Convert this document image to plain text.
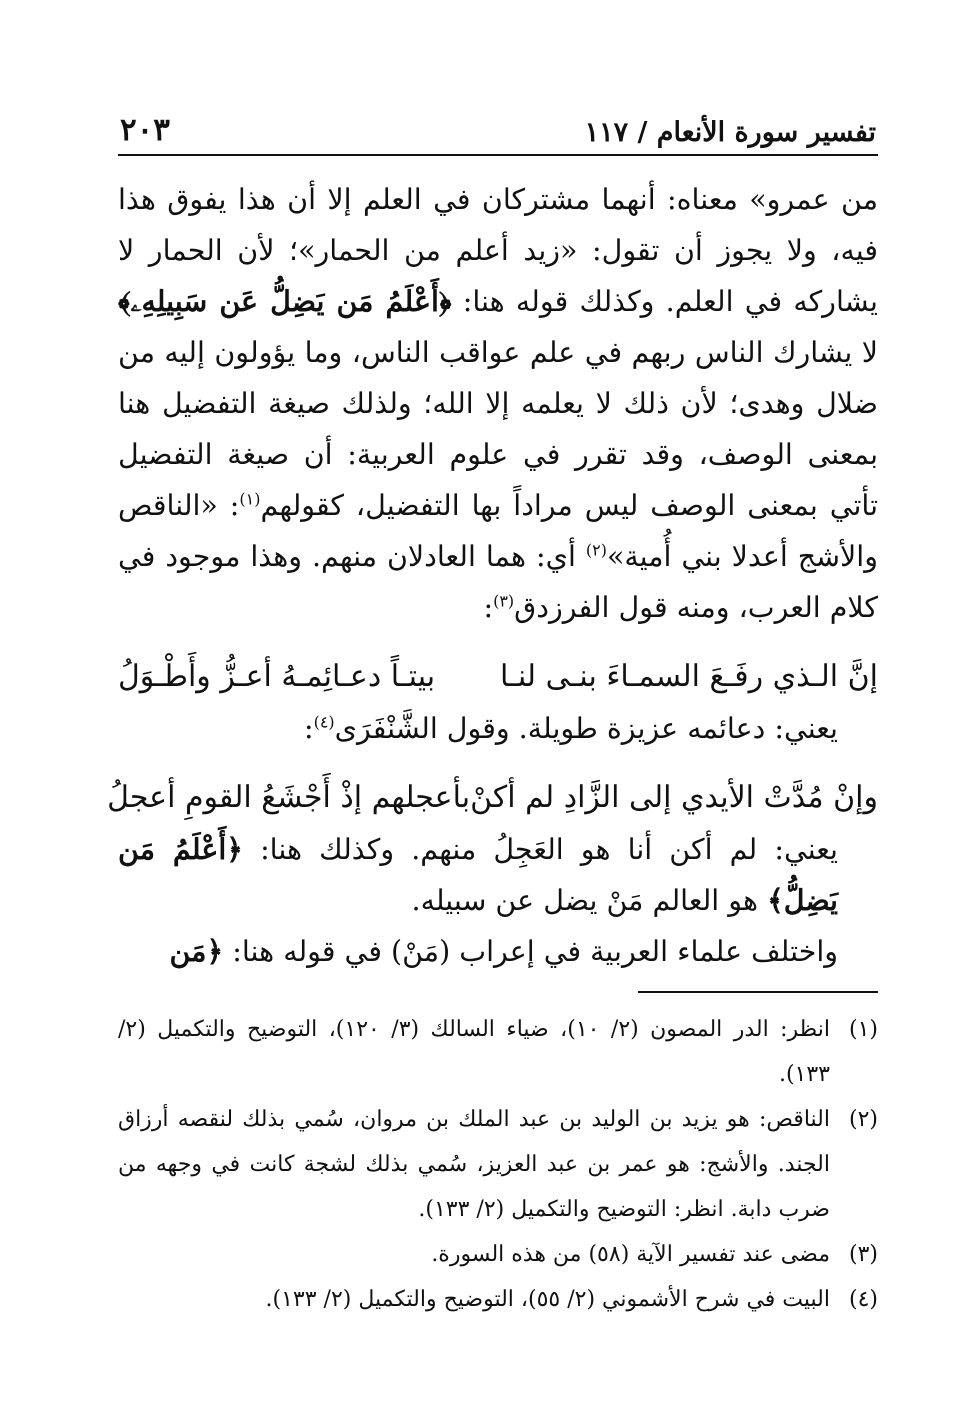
تفسير سورة الأنعام / ١١٧
٢٠٣

من عمرو» معناه: أنهما مشتركان في العلم إلا أن هذا يفوق هذا فيه، ولا يجوز أن تقول: «زيد أعلم من الحمار»؛ لأن الحمار لا يشاركه في العلم. وكذلك قوله هنا: ﴿أَعْلَمُ مَن يَضِلُّ عَن سَبِيلِهِۦ﴾ لا يشارك الناس ربهم في علم عواقب الناس، وما يؤولون إليه من ضلال وهدى؛ لأن ذلك لا يعلمه إلا الله؛ ولذلك صيغة التفضيل هنا بمعنى الوصف، وقد تقرر في علوم العربية: أن صيغة التفضيل تأتي بمعنى الوصف ليس مراداً بها التفضيل، كقولهم$^{(١)}$: «الناقص والأشج أعدلا بني أُمية»$^{(٢)}$ أي: هما العادلان منهم. وهذا موجود في كلام العرب، ومنه قول الفرزدق$^{(٣)}$:

إنَّ الـذي رفَـعَ السمـاءَ بنـى لنـا
بيتـاً دعـائِمـهُ أعـزُّ وأَطْـوَلُ

يعني: دعائمه عزيزة طويلة. وقول الشَّنْفَرَى$^{(٤)}$:

وإنْ مُدَّتْ الأيدي إلى الزَّادِ لم أكنْ
بأعجلهم إذْ أَجْشَعُ القومِ أعجلُ

يعني: لم أكن أنا هو العَجِلُ منهم. وكذلك هنا: ﴿أَعْلَمُ مَن يَضِلُّ﴾ هو العالم مَنْ يضل عن سبيله.

واختلف علماء العربية في إعراب (مَنْ) في قوله هنا: ﴿مَن

(١)
انظر: الدر المصون (٢/ ١٠)، ضياء السالك (٣/ ١٢٠)، التوضيح والتكميل (٢/ ١٣٣).
(٢)
الناقص: هو يزيد بن الوليد بن عبد الملك بن مروان، سُمي بذلك لنقصه أرزاق الجند. والأشج: هو عمر بن عبد العزيز، سُمي بذلك لشجة كانت في وجهه من ضرب دابة. انظر: التوضيح والتكميل (٢/ ١٣٣).
(٣)
مضى عند تفسير الآية (٥٨) من هذه السورة.
(٤)
البيت في شرح الأشموني (٢/ ٥٥)، التوضيح والتكميل (٢/ ١٣٣).
